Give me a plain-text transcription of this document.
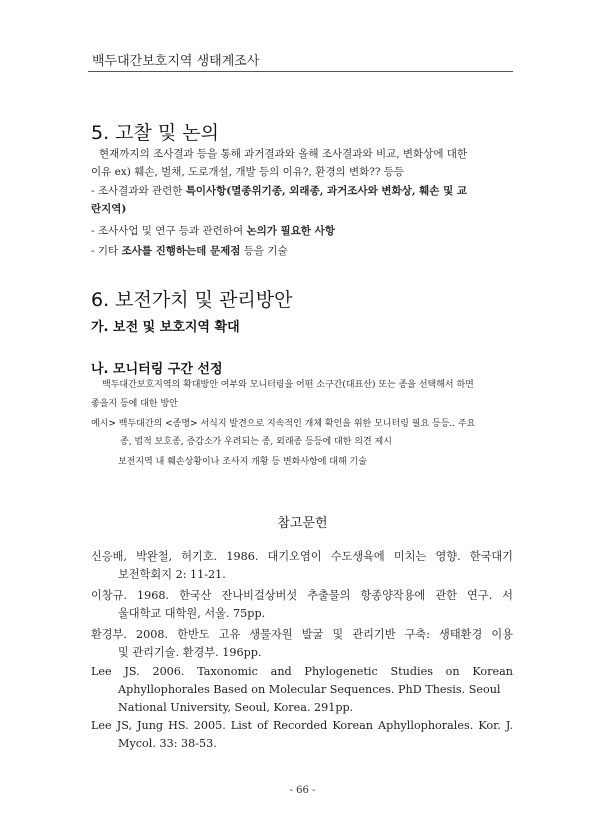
백두대간보호지역 생태계조사
5. 고찰 및 논의
현재까지의 조사결과 등을 통해 과거결과와 올해 조사결과와 비교, 변화상에 대한
이유 ex) 훼손, 벌채, 도로개설, 개발 등의 이유?, 환경의 변화?? 등등
- 조사결과와 관련한 특이사항(멸종위기종, 외래종, 과거조사와 변화상, 훼손 및 교
란지역)
- 조사사업 및 연구 등과 관련하여 논의가 필요한 사항
- 기타 조사를 진행하는데 문제점 등을 기술
6. 보전가치 및 관리방안
가. 보전 및 보호지역 확대
나. 모니터링 구간 선정
백두대간보호지역의 확대방안 여부와 모니터링을 어떤 소구간(대표산) 또는 종을 선택해서 하면
좋을지 등에 대한 방안
예시> 백두대간의 <종명> 서식지 발견으로 지속적인 개체 확인을 위한 모니터링 필요 등등.. 주요
종, 법적 보호종, 증감소가 우려되는 종, 외래종 등등에 대한 의견 제시
보전지역 내 훼손상황이나 조사지 개황 등 변화사항에 대해 기술
참고문헌
신응배, 박완철, 허기호. 1986. 대기오염이 수도생육에 미치는 영향. 한국대기
보전학회지 2: 11-21.
이창규. 1968. 한국산 잔나비걸상버섯 추출물의 항종양작용에 관한 연구. 서
울대학교 대학원, 서울. 75pp.
환경부. 2008. 한반도 고유 생물자원 발굴 및 관리기반 구축: 생태환경 이용
및 관리기술. 환경부. 196pp.
Lee   JS.   2006.   Taxonomic   and   Phylogenetic   Studies   on   Korean
Aphyllophorales Based on Molecular Sequences. PhD Thesis. Seoul
National University, Seoul, Korea. 291pp.
Lee JS, Jung HS. 2005. List of Recorded Korean Aphyllophorales. Kor. J.
Mycol. 33: 38-53.
- 66 -
